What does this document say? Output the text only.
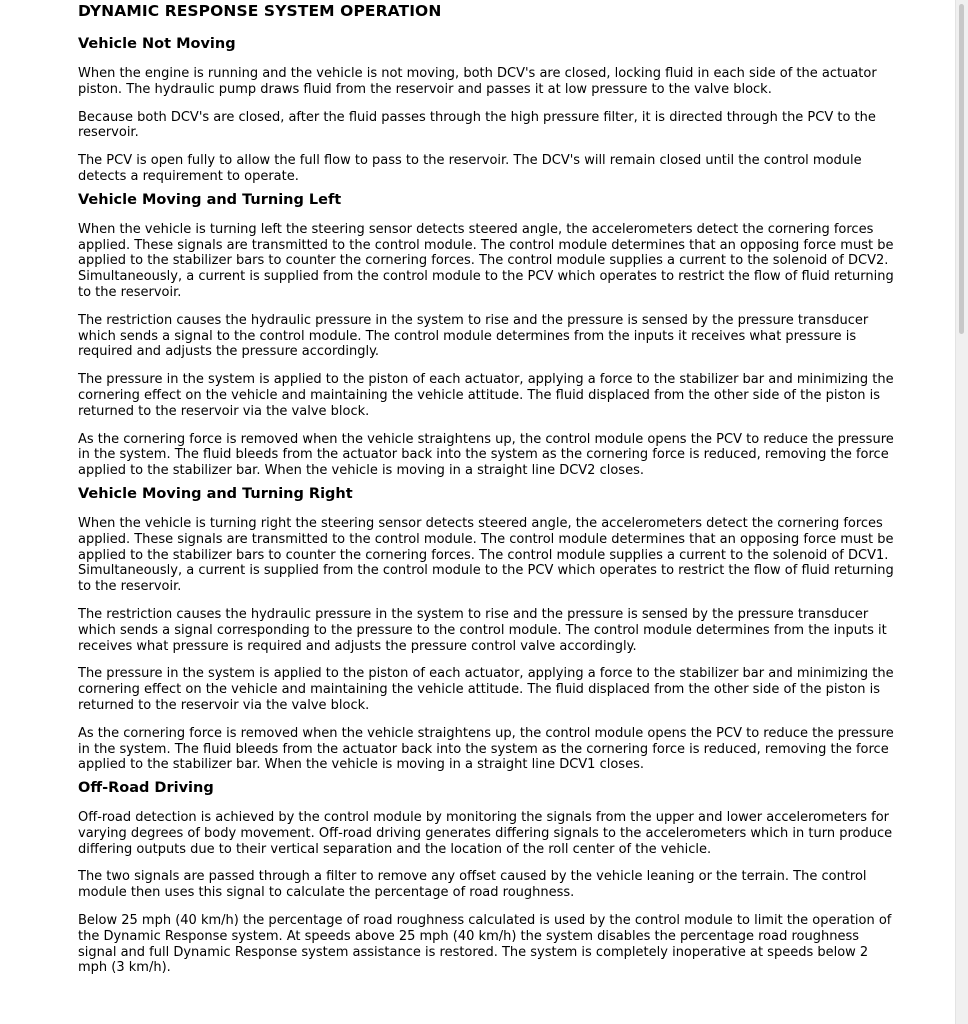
DYNAMIC RESPONSE SYSTEM OPERATION
Vehicle Not Moving

When the engine is running and the vehicle is not moving, both DCV's are closed, locking fluid in each side of the actuator piston. The hydraulic pump draws fluid from the reservoir and passes it at low pressure to the valve block.

Because both DCV's are closed, after the fluid passes through the high pressure filter, it is directed through the PCV to the reservoir.

The PCV is open fully to allow the full flow to pass to the reservoir. The DCV's will remain closed until the control module detects a requirement to operate.

Vehicle Moving and Turning Left

When the vehicle is turning left the steering sensor detects steered angle, the accelerometers detect the cornering forces applied. These signals are transmitted to the control module. The control module determines that an opposing force must be applied to the stabilizer bars to counter the cornering forces. The control module supplies a current to the solenoid of DCV2. Simultaneously, a current is supplied from the control module to the PCV which operates to restrict the flow of fluid returning to the reservoir.

The restriction causes the hydraulic pressure in the system to rise and the pressure is sensed by the pressure transducer which sends a signal to the control module. The control module determines from the inputs it receives what pressure is required and adjusts the pressure accordingly.

The pressure in the system is applied to the piston of each actuator, applying a force to the stabilizer bar and minimizing the cornering effect on the vehicle and maintaining the vehicle attitude. The fluid displaced from the other side of the piston is returned to the reservoir via the valve block.

As the cornering force is removed when the vehicle straightens up, the control module opens the PCV to reduce the pressure in the system. The fluid bleeds from the actuator back into the system as the cornering force is reduced, removing the force applied to the stabilizer bar. When the vehicle is moving in a straight line DCV2 closes.

Vehicle Moving and Turning Right

When the vehicle is turning right the steering sensor detects steered angle, the accelerometers detect the cornering forces applied. These signals are transmitted to the control module. The control module determines that an opposing force must be applied to the stabilizer bars to counter the cornering forces. The control module supplies a current to the solenoid of DCV1. Simultaneously, a current is supplied from the control module to the PCV which operates to restrict the flow of fluid returning to the reservoir.

The restriction causes the hydraulic pressure in the system to rise and the pressure is sensed by the pressure transducer which sends a signal corresponding to the pressure to the control module. The control module determines from the inputs it receives what pressure is required and adjusts the pressure control valve accordingly.

The pressure in the system is applied to the piston of each actuator, applying a force to the stabilizer bar and minimizing the cornering effect on the vehicle and maintaining the vehicle attitude. The fluid displaced from the other side of the piston is returned to the reservoir via the valve block.

As the cornering force is removed when the vehicle straightens up, the control module opens the PCV to reduce the pressure in the system. The fluid bleeds from the actuator back into the system as the cornering force is reduced, removing the force applied to the stabilizer bar. When the vehicle is moving in a straight line DCV1 closes.

Off-Road Driving

Off-road detection is achieved by the control module by monitoring the signals from the upper and lower accelerometers for varying degrees of body movement. Off-road driving generates differing signals to the accelerometers which in turn produce differing outputs due to their vertical separation and the location of the roll center of the vehicle.

The two signals are passed through a filter to remove any offset caused by the vehicle leaning or the terrain. The control module then uses this signal to calculate the percentage of road roughness.

Below 25 mph (40 km/h) the percentage of road roughness calculated is used by the control module to limit the operation of the Dynamic Response system. At speeds above 25 mph (40 km/h) the system disables the percentage road roughness signal and full Dynamic Response system assistance is restored. The system is completely inoperative at speeds below 2 mph (3 km/h).
